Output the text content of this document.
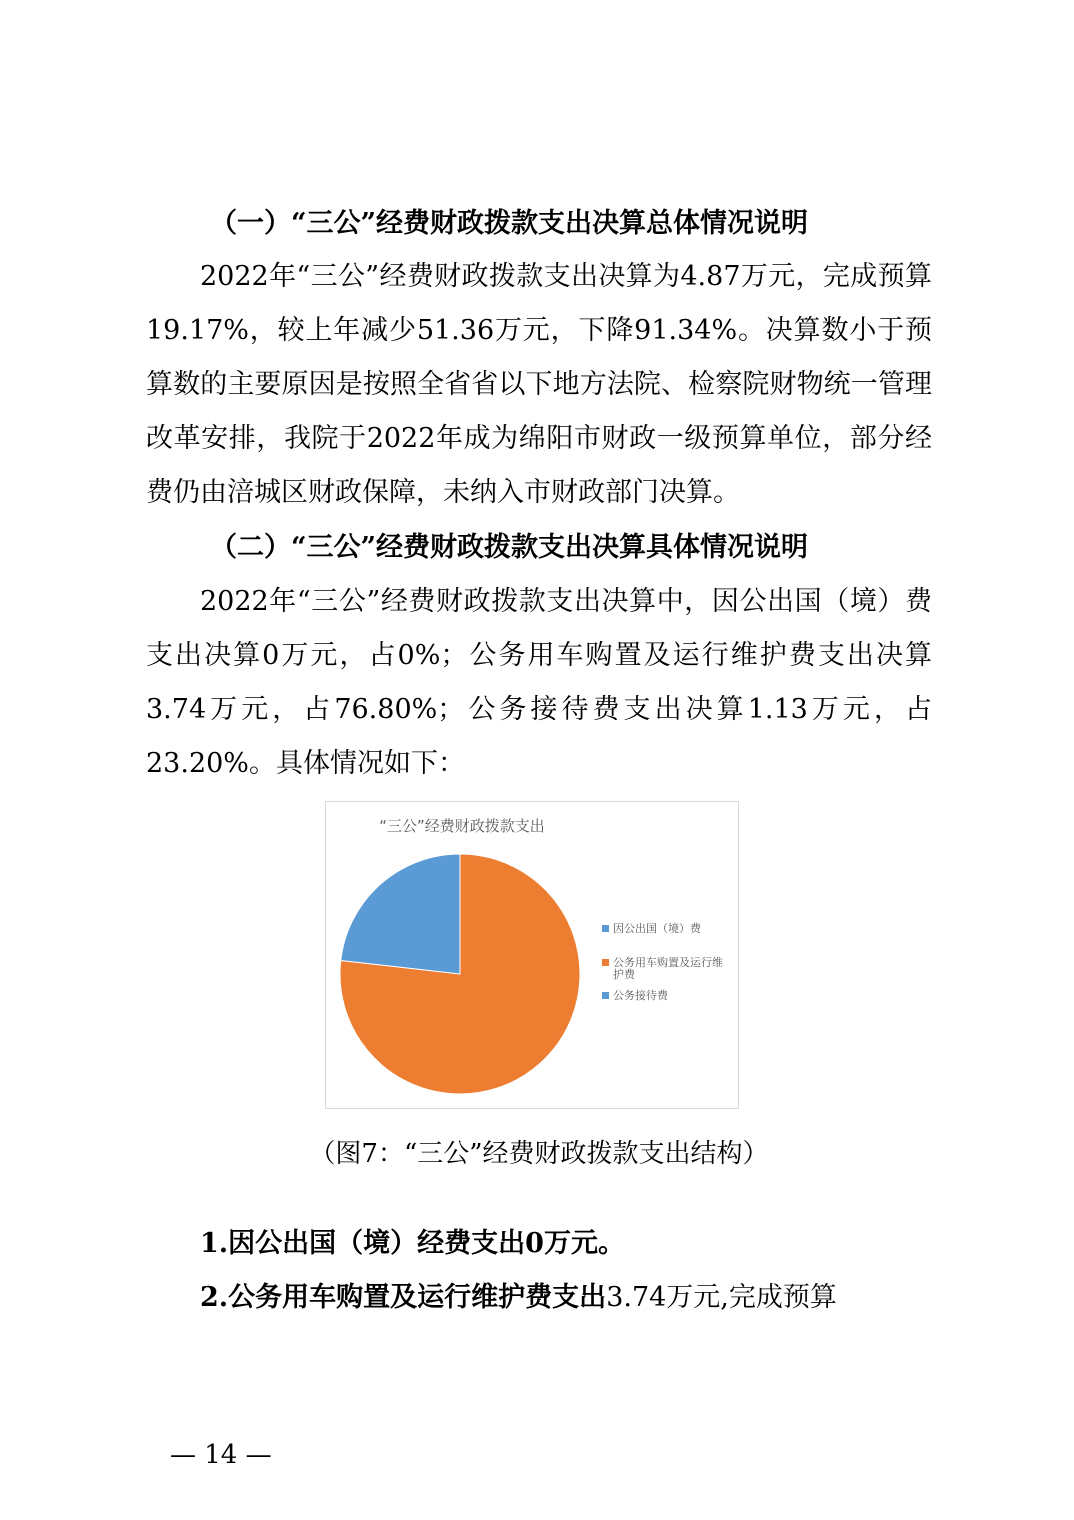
（一）“三公”经费财政拨款支出决算总体情况说明

2022年“三公”经费财政拨款支出决算为4.87万元，完成预算19.17%，较上年减少51.36万元，下降91.34%。决算数小于预算数的主要原因是按照全省省以下地方法院、检察院财物统一管理改革安排，我院于2022年成为绵阳市财政一级预算单位，部分经费仍由涪城区财政保障，未纳入市财政部门决算。

（二）“三公”经费财政拨款支出决算具体情况说明

2022年“三公”经费财政拨款支出决算中，因公出国（境）费支出决算0万元，占0%；公务用车购置及运行维护费支出决算3.74万元，占76.80%；公务接待费支出决算1.13万元，占23.20%。具体情况如下：

“三公”经费财政拨款支出
因公出国（境）费
公务用车购置及运行维护费
公务接待费
（图7：“三公”经费财政拨款支出结构）
1.因公出国（境）经费支出0万元。
2.公务用车购置及运行维护费支出3.74万元,完成预算
— 14 —
